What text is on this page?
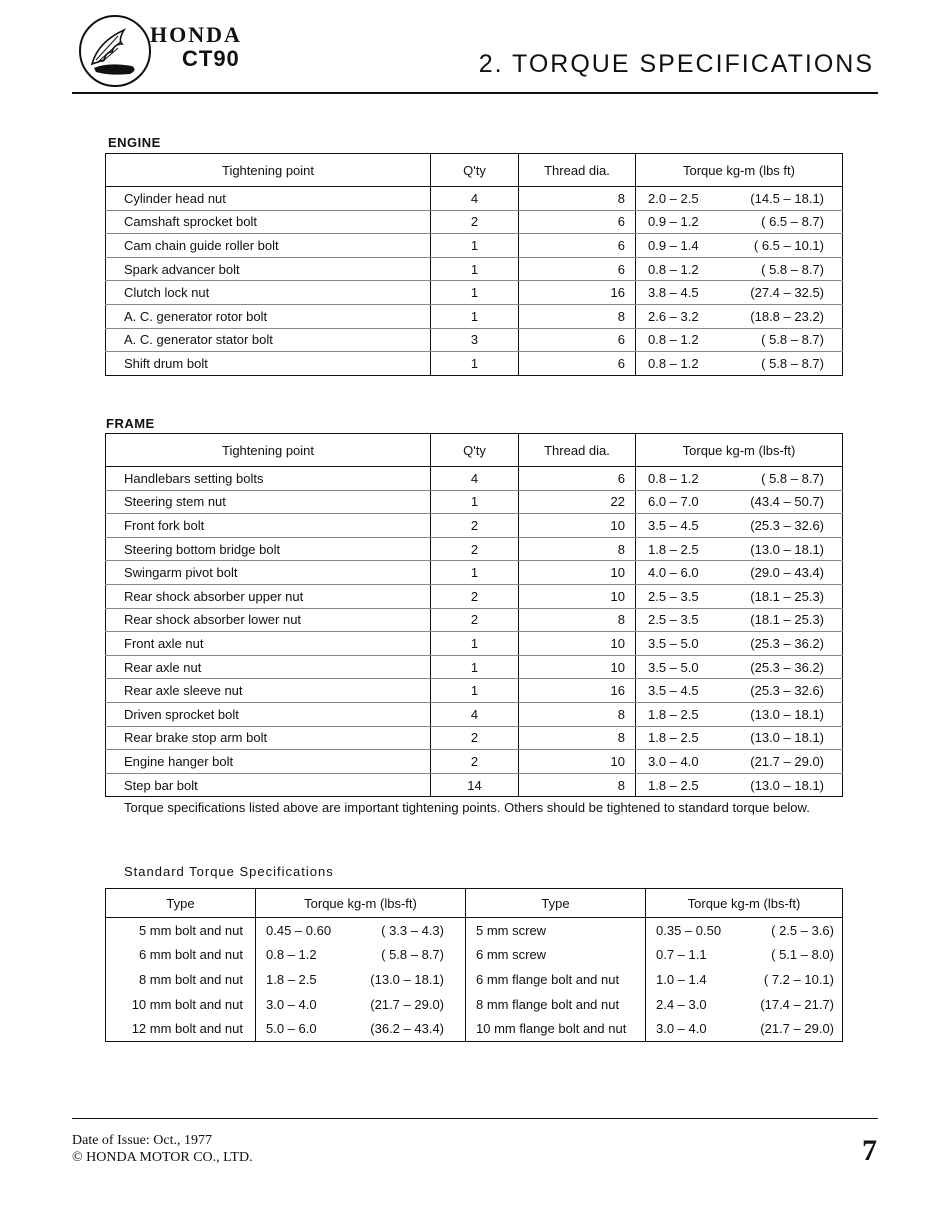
HONDA
CT90	2. TORQUE SPECIFICATIONS
ENGINE
Tightening point	Q'ty	Thread dia.	Torque kg-m (lbs ft)
Cylinder head nut	4	8	2.0 – 2.5 (14.5 – 18.1)
Camshaft sprocket bolt	2	6	0.9 – 1.2 ( 6.5 – 8.7)
Cam chain guide roller bolt	1	6	0.9 – 1.4 ( 6.5 – 10.1)
Spark advancer bolt	1	6	0.8 – 1.2 ( 5.8 – 8.7)
Clutch lock nut	1	16	3.8 – 4.5 (27.4 – 32.5)
A. C. generator rotor bolt	1	8	2.6 – 3.2 (18.8 – 23.2)
A. C. generator stator bolt	3	6	0.8 – 1.2 ( 5.8 – 8.7)
Shift drum bolt	1	6	0.8 – 1.2 ( 5.8 – 8.7)
FRAME
Tightening point	Q'ty	Thread dia.	Torque kg-m (lbs-ft)
Handlebars setting bolts	4	6	0.8 – 1.2 ( 5.8 – 8.7)
Steering stem nut	1	22	6.0 – 7.0 (43.4 – 50.7)
Front fork bolt	2	10	3.5 – 4.5 (25.3 – 32.6)
Steering bottom bridge bolt	2	8	1.8 – 2.5 (13.0 – 18.1)
Swingarm pivot bolt	1	10	4.0 – 6.0 (29.0 – 43.4)
Rear shock absorber upper nut	2	10	2.5 – 3.5 (18.1 – 25.3)
Rear shock absorber lower nut	2	8	2.5 – 3.5 (18.1 – 25.3)
Front axle nut	1	10	3.5 – 5.0 (25.3 – 36.2)
Rear axle nut	1	10	3.5 – 5.0 (25.3 – 36.2)
Rear axle sleeve nut	1	16	3.5 – 4.5 (25.3 – 32.6)
Driven sprocket bolt	4	8	1.8 – 2.5 (13.0 – 18.1)
Rear brake stop arm bolt	2	8	1.8 – 2.5 (13.0 – 18.1)
Engine hanger bolt	2	10	3.0 – 4.0 (21.7 – 29.0)
Step bar bolt	14	8	1.8 – 2.5 (13.0 – 18.1)
Torque specifications listed above are important tightening points. Others should be tightened to standard torque below.
Standard Torque Specifications
Type	Torque kg-m (lbs-ft)	Type	Torque kg-m (lbs-ft)
5 mm bolt and nut	0.45 – 0.60 ( 3.3 – 4.3)	5 mm screw	0.35 – 0.50 ( 2.5 – 3.6)
6 mm bolt and nut	0.8 – 1.2 ( 5.8 – 8.7)	6 mm screw	0.7 – 1.1 ( 5.1 – 8.0)
8 mm bolt and nut	1.8 – 2.5 (13.0 – 18.1)	6 mm flange bolt and nut	1.0 – 1.4 ( 7.2 – 10.1)
10 mm bolt and nut	3.0 – 4.0 (21.7 – 29.0)	8 mm flange bolt and nut	2.4 – 3.0 (17.4 – 21.7)
12 mm bolt and nut	5.0 – 6.0 (36.2 – 43.4)	10 mm flange bolt and nut	3.0 – 4.0 (21.7 – 29.0)
Date of Issue: Oct., 1977
© HONDA MOTOR CO., LTD.	7
